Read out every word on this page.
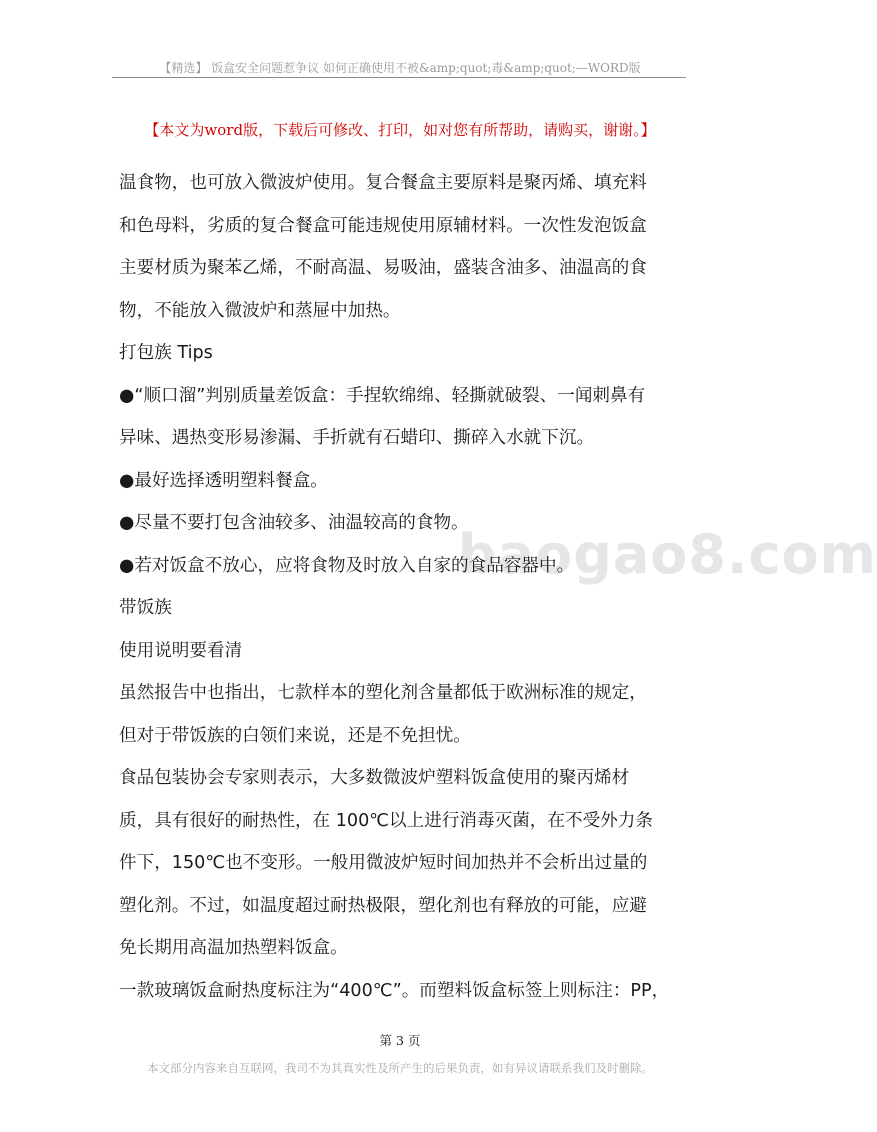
【精选】 饭盒安全问题惹争议 如何正确使用不被&amp;quot;毒&amp;quot;—WORD版
【本文为word版，下载后可修改、打印，如对您有所帮助，请购买，谢谢。】
baogao8.com
温食物，也可放入微波炉使用。复合餐盒主要原料是聚丙烯、填充料
和色母料，劣质的复合餐盒可能违规使用原辅材料。一次性发泡饭盒
主要材质为聚苯乙烯，不耐高温、易吸油，盛装含油多、油温高的食
物，不能放入微波炉和蒸屉中加热。
打包族 Tips
●“顺口溜”判别质量差饭盒：手捏软绵绵、轻撕就破裂、一闻刺鼻有
异味、遇热变形易渗漏、手折就有石蜡印、撕碎入水就下沉。
●最好选择透明塑料餐盒。
●尽量不要打包含油较多、油温较高的食物。
●若对饭盒不放心，应将食物及时放入自家的食品容器中。
带饭族
使用说明要看清
虽然报告中也指出，七款样本的塑化剂含量都低于欧洲标准的规定，
但对于带饭族的白领们来说，还是不免担忧。
食品包装协会专家则表示，大多数微波炉塑料饭盒使用的聚丙烯材
质，具有很好的耐热性，在 100℃以上进行消毒灭菌，在不受外力条
件下，150℃也不变形。一般用微波炉短时间加热并不会析出过量的
塑化剂。不过，如温度超过耐热极限，塑化剂也有释放的可能，应避
免长期用高温加热塑料饭盒。
一款玻璃饭盒耐热度标注为“400℃”。而塑料饭盒标签上则标注：PP，
第 3 页
本文部分内容来自互联网，我司不为其真实性及所产生的后果负责，如有异议请联系我们及时删除。
